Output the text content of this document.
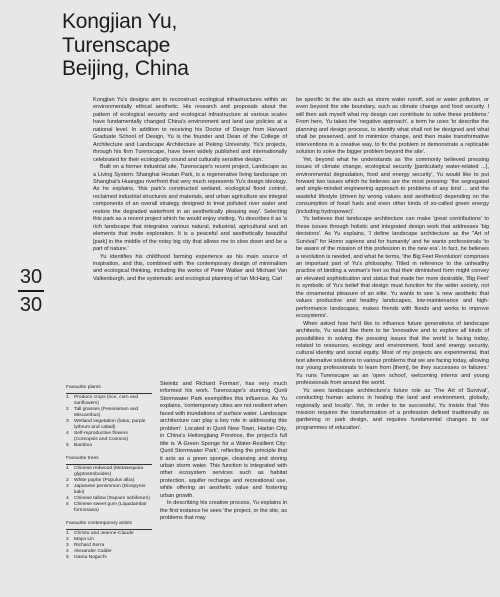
Kongjian Yu,
Turenscape
Beijing, China
30
30

Kongjian Yu's designs aim to reconstruct ecological infrastructures within an environmentally ethical aesthetic. His research and proposals about the pattern of ecological security and ecological infrastructure at various scales have fundamentally changed China's environment and land use policies at a national level. In addition to receiving his Doctor of Design from Harvard Graduate School of Design, Yu is the founder and Dean of the College of Architecture and Landscape Architecture at Peking University. Yu's projects, through his firm Turenscape, have been widely published and internationally celebrated for their ecologically sound and culturally sensitive design.

Built on a former industrial site, Turenscape's recent project, Landscape as a Living System: Shanghai Houtan Park, is a regenerative living landscape on Shanghai's Huangpu riverfront that very much represents Yu's design ideology. As he explains, 'this park's constructed wetland, ecological flood control, reclaimed industrial structures and materials, and urban agriculture are integral components of an overall strategy designed to treat polluted river water and restore the degraded waterfront in an aesthetically pleasing way'. Selecting this park as a recent project which he would enjoy visiting, Yu describes it as 'a rich landscape that integrates various natural, industrial, agricultural and art elements that invite exploration. It is a peaceful and aesthetically beautiful [park] in the middle of the noisy big city that allows me to slow down and be a part of nature.'

Yu identifies his childhood farming experience as his main source of inspiration, and this, combined with 'the contemporary design of minimalism and ecological thinking, including the works of Peter Walker and Michael Van Valkenburgh, and the systematic and ecological planning of Ian McHarg, Carl

Steinitz and Richard Forman', has very much informed his work. Turenscape's stunning Qunli Stormwater Park exemplifies this influence. As Yu explains, 'contemporary cities are not resilient when faced with inundations of surface water. Landscape architecture can play a key role in addressing this problem'. Located in Qunli New Town, Harbin City, in China's Heilongjiang Province, the project's full title is 'A Green Sponge for a Water-Resilient City: Qunli Stormwater Park', reflecting the principle that it acts as a green sponge, cleansing and storing urban storm water. This function is integrated with other ecosystem services such as habitat protection, aquifer recharge and recreational use, while offering an aesthetic value and fostering urban growth.

In describing his creative process, Yu explains in the first instance he sees 'the project, or the site, as problems that may

be specific to the site such as storm water runoff, soil or water pollution, or even beyond the site boundary, such as climate change and food security. I will then ask myself what my design can contribute to solve these problems.' From here, Yu takes the 'negative approach', a term he uses 'to describe the planning and design process, to identify what shall not be designed and what shall be preserved, and to minimize change, and then make transformative interventions in a creative way, to fix the problem or demonstrate a replicable solution to solve the bigger problem beyond the site'.

Yet, beyond what he understands as 'the commonly believed pressing issues of climate change, ecological security [particularly water-related ...], environmental degradation, food and energy security', Yu would like to put forward two issues which he believes are the most pressing: 'the segregated and single-minded engineering approach to problems of any kind ... and the wasteful lifestyle (driven by wrong values and aesthetics) depending on the consumption of fossil fuels and even other kinds of so-called green energy (including hydropower)'.

Yu believes that landscape architecture can make 'great contributions' to these issues through holistic and integrated design work that addresses 'big decisions'. As Yu explains, 'I define landscape architecture as the "Art of Survival" for Homo sapiens and for humanity' and he wants professionals 'to be aware of the mission of this profession in the new era'. In fact, he believes a revolution is needed, and what he terms, 'the Big Feet Revolution' comprises an important part of Yu's philosophy. Titled in reference to the unhealthy practice of binding a woman's feet so that their diminished form might convey an elevated sophistication and status that made her more desirable, 'Big Feet' is symbolic of Yu's belief that design must function for the wider society, not the ornamental pleasure of an elite. Yu wants to see 'a new aesthetic that values productive and healthy landscapes, low-maintenance and high-performance landscapes, makes friends with floods and works to improve ecosystems'.

When asked how he'd like to influence future generations of landscape architects, Yu would like them to be 'innovative and to explore all kinds of possibilities in solving the pressing issues that the world is facing today, related to resources, ecology and environment, food and energy security, cultural identity and social equity. Most of my projects are experimental, that test alternative solutions to various problems that we are facing today, allowing our young professionals to learn from [them], be they successes or failures.' Yu runs Turenscape as an 'open school', welcoming interns and young professionals from around the world.

Yu sees landscape architecture's future role as 'The Art of Survival', conducting human actions in healing the land and environment, globally, regionally and locally'. Yet, in order to be successful, Yu insists that 'this mission requires the transformation of a profession defined traditionally as gardening or park design, and requires fundamental changes to our programmes of education'.

Favourite plants
1 Produce crops (rice, corn and sunflowers)
2 Tall grasses (Pennisetum and Miscanthus)
3 Wetland vegetation (lotus, purple lythrum and cattail)
4 Self-reproductive flowers (Coreopsis and Cosmos)
5 Bamboo
Favourite trees
1 Chinese redwood (Metasequoia glyptostroboides)
2 White poplar (Populus alba)
3 Japanese persimmon (Diospyros kaki)
4 Chinese tallow (Sapium sebiferum)
5 Chinese sweet gum (Liquidambar formosana)
Favourite contemporary artists
1 Christo and Jeanne-Claude
2 Maya Lin
3 Richard Serra
4 Alexander Calder
5 Isamu Noguchi
